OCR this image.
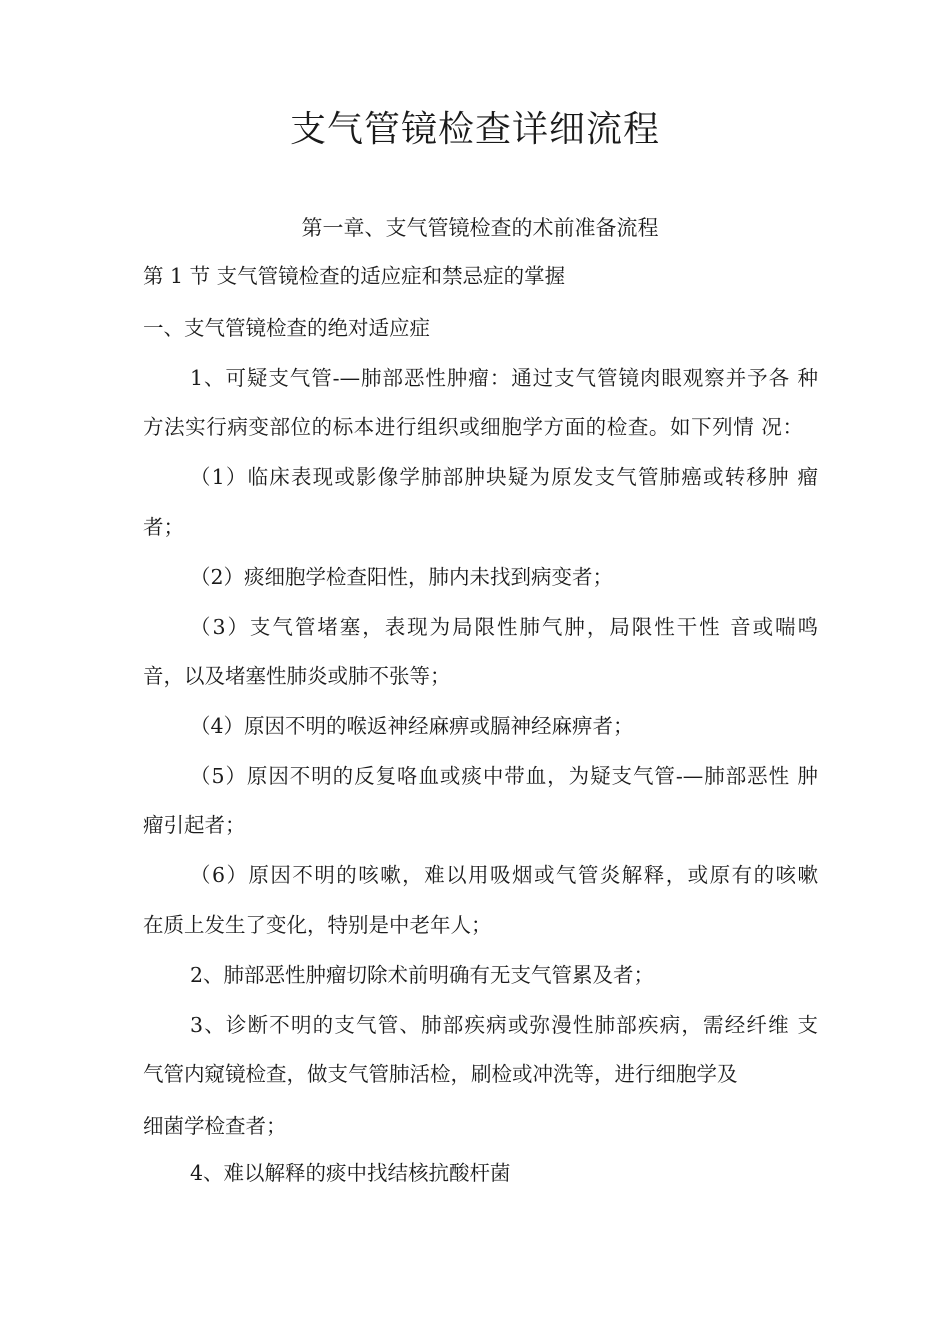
支气管镜检查详细流程
第一章、支气管镜检查的术前准备流程
第 1 节 支气管镜检查的适应症和禁忌症的掌握
一、支气管镜检查的绝对适应症
1、可疑支气管-—肺部恶性肿瘤：通过支气管镜肉眼观察并予各 种
方法实行病变部位的标本进行组织或细胞学方面的检查。如下列情 况：
（1）临床表现或影像学肺部肿块疑为原发支气管肺癌或转移肿 瘤
者；
（2）痰细胞学检查阳性，肺内未找到病变者；
（3）支气管堵塞，表现为局限性肺气肿，局限性干性 音或喘鸣
音，以及堵塞性肺炎或肺不张等；
（4）原因不明的喉返神经麻痹或膈神经麻痹者；
（5）原因不明的反复咯血或痰中带血，为疑支气管-—肺部恶性 肿
瘤引起者；
（6）原因不明的咳嗽，难以用吸烟或气管炎解释，或原有的咳嗽
在质上发生了变化，特别是中老年人；
2、肺部恶性肿瘤切除术前明确有无支气管累及者；
3、诊断不明的支气管、肺部疾病或弥漫性肺部疾病，需经纤维 支
气管内窥镜检查，做支气管肺活检，刷检或冲洗等，进行细胞学及
细菌学检查者；
4、难以解释的痰中找结核抗酸杆菌
